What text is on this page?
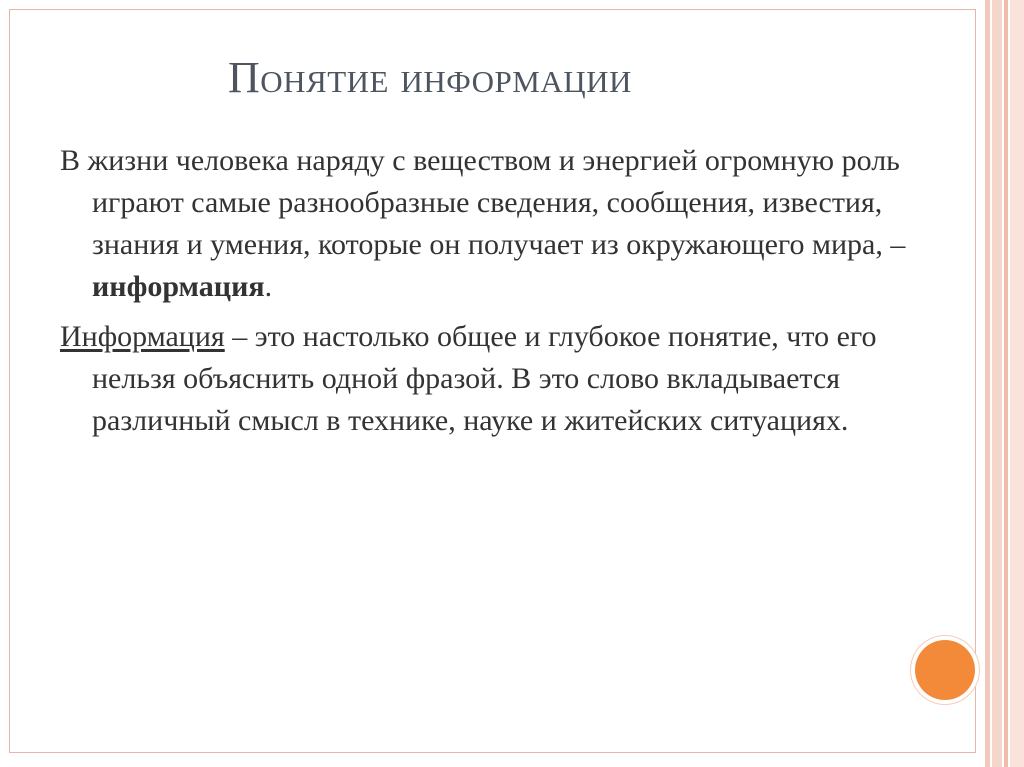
Понятие информации

В жизни человека наряду с веществом и энергией огромную роль играют самые разнообразные сведения, сообщения, известия, знания и умения, которые он получает из окружающего мира, – информация.

Информация – это настолько общее и глубокое понятие, что его нельзя объяснить одной фразой. В это слово вкладывается различный смысл в технике, науке и житейских ситуациях.
